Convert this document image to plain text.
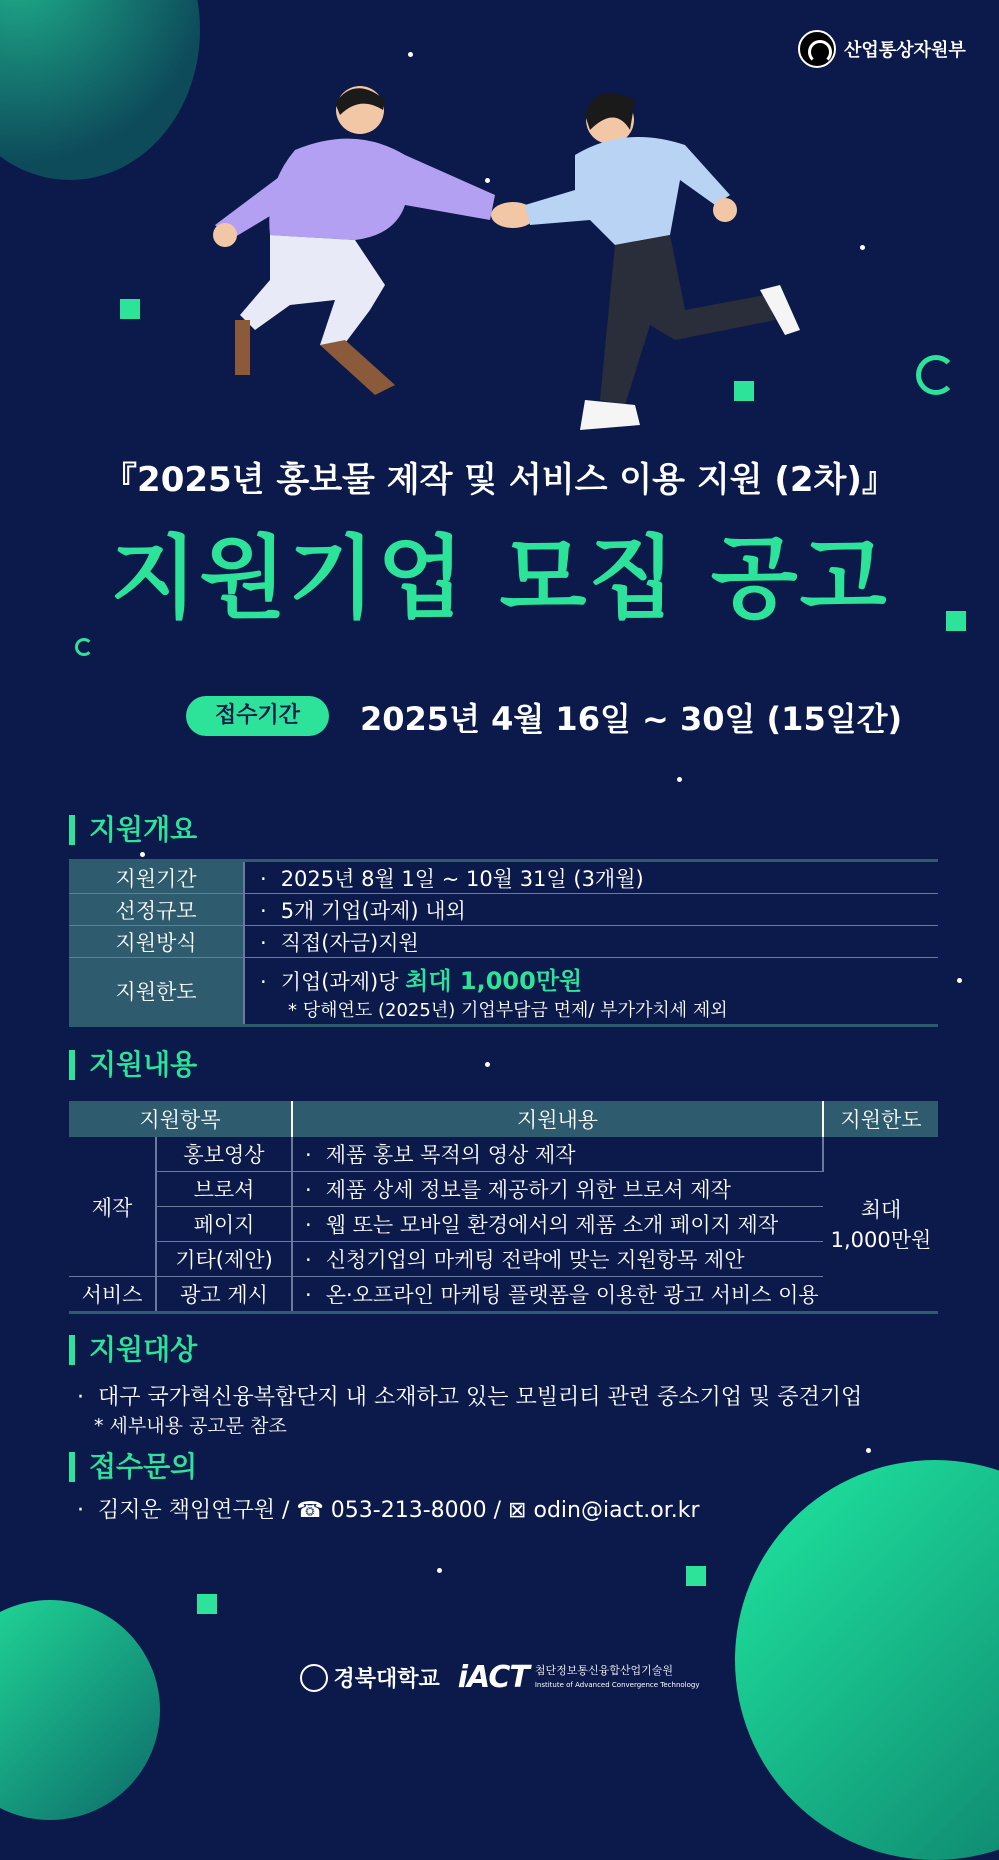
산업통상자원부
『2025년 홍보물 제작 및 서비스 이용 지원 (2차)』
지원기업 모집 공고
접수기간	2025년 4월 16일 ~ 30일 (15일간)
지원개요
지원기간	· 2025년 8월 1일 ~ 10월 31일 (3개월)
선정규모	· 5개 기업(과제) 내외
지원방식	· 직접(자금)지원
지원한도	· 기업(과제)당 최대 1,000만원
* 당해연도 (2025년) 기업부담금 면제/ 부가가치세 제외
지원내용
지원항목		지원내용	지원한도
제작	홍보영상	· 제품 홍보 목적의 영상 제작	최대
1,000만원
	브로셔	· 제품 상세 정보를 제공하기 위한 브로셔 제작
	페이지	· 웹 또는 모바일 환경에서의 제품 소개 페이지 제작
	기타(제안)	· 신청기업의 마케팅 전략에 맞는 지원항목 제안
서비스	광고 게시	· 온·오프라인 마케팅 플랫폼을 이용한 광고 서비스 이용
지원대상
· 대구 국가혁신융복합단지 내 소재하고 있는 모빌리티 관련 중소기업 및 중견기업
* 세부내용 공고문 참조
접수문의
· 김지운 책임연구원 / ☎ 053-213-8000 / ⊠ odin@iact.or.kr
경북대학교 iACT 첨단정보통신융합산업기술원
Institute of Advanced Convergence Technology
